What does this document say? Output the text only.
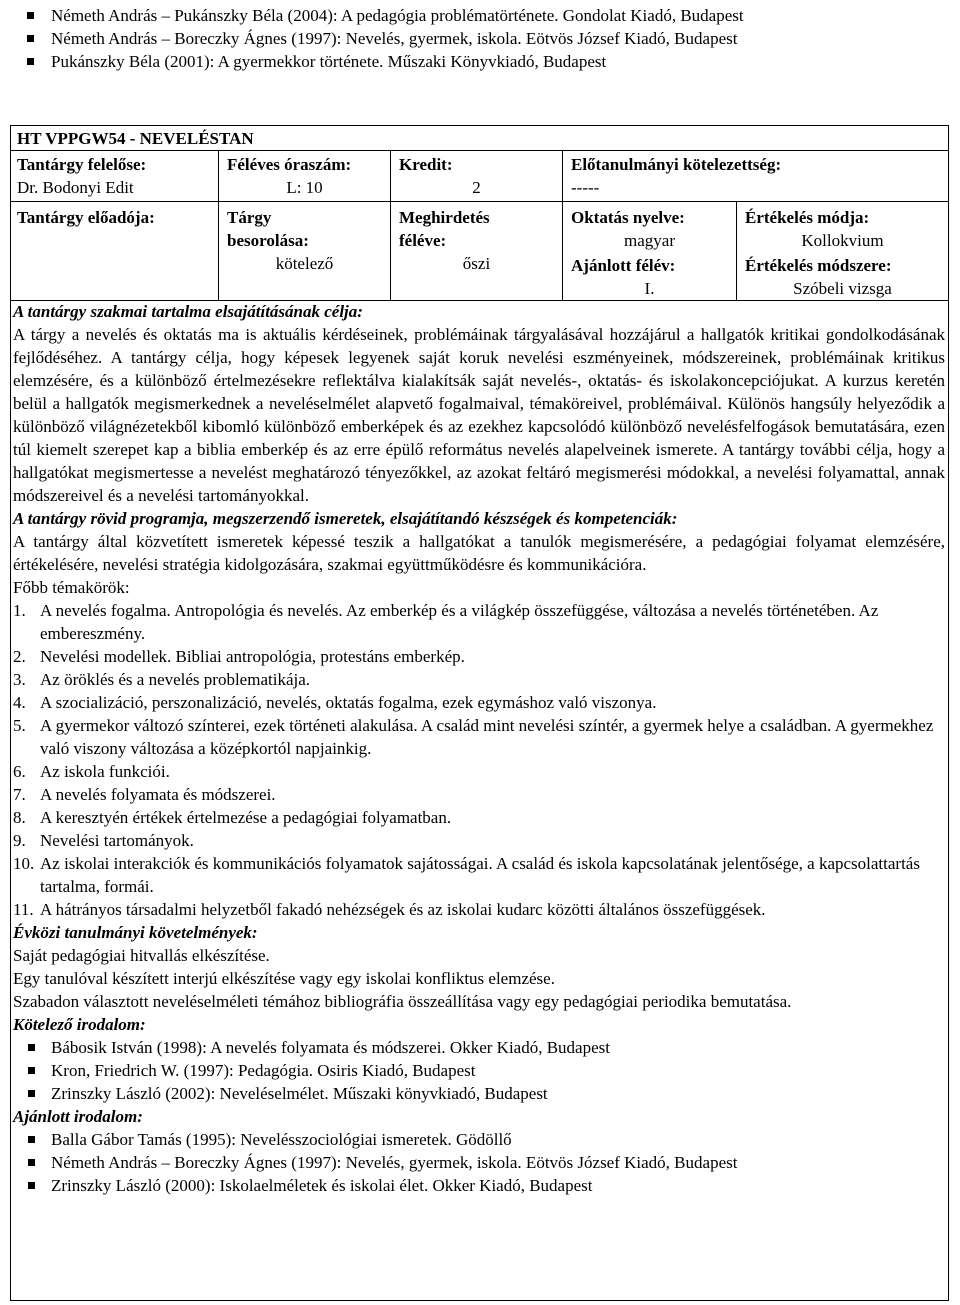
Németh András – Pukánszky Béla (2004): A pedagógia problématörténete. Gondolat Kiadó, Budapest
Németh András – Boreczky Ágnes (1997): Nevelés, gyermek, iskola. Eötvös József Kiadó, Budapest
Pukánszky Béla (2001): A gyermekkor története. Műszaki Könyvkiadó, Budapest
HT VPPGW54 - NEVELÉSTAN
Tantárgy felelőse:
Dr. Bodonyi Edit
Féléves óraszám:
L: 10
Kredit:
2
Előtanulmányi kötelezettség:
-----
Tantárgy előadója:	Tárgy
besorolása:
kötelező
Meghirdetés
féléve:
őszi
Oktatás nyelve:
magyar
Ajánlott félév:
I.
Értékelés módja:
Kollokvium
Értékelés módszere:
Szóbeli vizsga

A tantárgy szakmai tartalma elsajátításának célja:

A tárgy a nevelés és oktatás ma is aktuális kérdéseinek, problémáinak tárgyalásával hozzájárul a hallgatók kritikai gondolkodásának fejlődéséhez. A tantárgy célja, hogy képesek legyenek saját koruk nevelési eszményeinek, módszereinek, problémáinak kritikus elemzésére, és a különböző értelmezésekre reflektálva kialakítsák saját nevelés-, oktatás- és iskolakoncepciójukat. A kurzus keretén belül a hallgatók megismerkednek a neveléselmélet alapvető fogalmaival, témaköreivel, problémáival. Különös hangsúly helyeződik a különböző világnézetekből kibomló különböző emberképek és az ezekhez kapcsolódó különböző nevelésfelfogások bemutatására, ezen túl kiemelt szerepet kap a biblia emberkép és az erre épülő református nevelés alapelveinek ismerete. A tantárgy további célja, hogy a hallgatókat megismertesse a nevelést meghatározó tényezőkkel, az azokat feltáró megismerési módokkal, a nevelési folyamattal, annak módszereivel és a nevelési tartományokkal.

A tantárgy rövid programja, megszerzendő ismeretek, elsajátítandó készségek és kompetenciák:

A tantárgy által közvetített ismeretek képessé teszik a hallgatókat a tanulók megismerésére, a pedagógiai folyamat elemzésére, értékelésére, nevelési stratégia kidolgozására, szakmai együttműködésre és kommunikációra.

Főbb témakörök:

1. A nevelés fogalma. Antropológia és nevelés. Az emberkép és a világkép összefüggése, változása a nevelés történetében. Az embereszmény.
2. Nevelési modellek. Bibliai antropológia, protestáns emberkép.
3. Az öröklés és a nevelés problematikája.
4. A szocializáció, perszonalizáció, nevelés, oktatás fogalma, ezek egymáshoz való viszonya.
5. A gyermekor változó színterei, ezek történeti alakulása. A család mint nevelési színtér, a gyermek helye a családban. A gyermekhez való viszony változása a középkortól napjainkig.
6. Az iskola funkciói.
7. A nevelés folyamata és módszerei.
8. A keresztyén értékek értelmezése a pedagógiai folyamatban.
9. Nevelési tartományok.
10. Az iskolai interakciók és kommunikációs folyamatok sajátosságai. A család és iskola kapcsolatának jelentősége, a kapcsolattartás tartalma, formái.
11. A hátrányos társadalmi helyzetből fakadó nehézségek és az iskolai kudarc közötti általános összefüggések.

Évközi tanulmányi követelmények:

Saját pedagógiai hitvallás elkészítése.

Egy tanulóval készített interjú elkészítése vagy egy iskolai konfliktus elemzése.

Szabadon választott neveléselméleti témához bibliográfia összeállítása vagy egy pedagógiai periodika bemutatása.

Kötelező irodalom:

Bábosik István (1998): A nevelés folyamata és módszerei. Okker Kiadó, Budapest
Kron, Friedrich W. (1997): Pedagógia. Osiris Kiadó, Budapest
Zrinszky László (2002): Neveléselmélet. Műszaki könyvkiadó, Budapest

Ajánlott irodalom:

Balla Gábor Tamás (1995): Nevelésszociológiai ismeretek. Gödöllő
Németh András – Boreczky Ágnes (1997): Nevelés, gyermek, iskola. Eötvös József Kiadó, Budapest
Zrinszky László (2000): Iskolaelméletek és iskolai élet. Okker Kiadó, Budapest
